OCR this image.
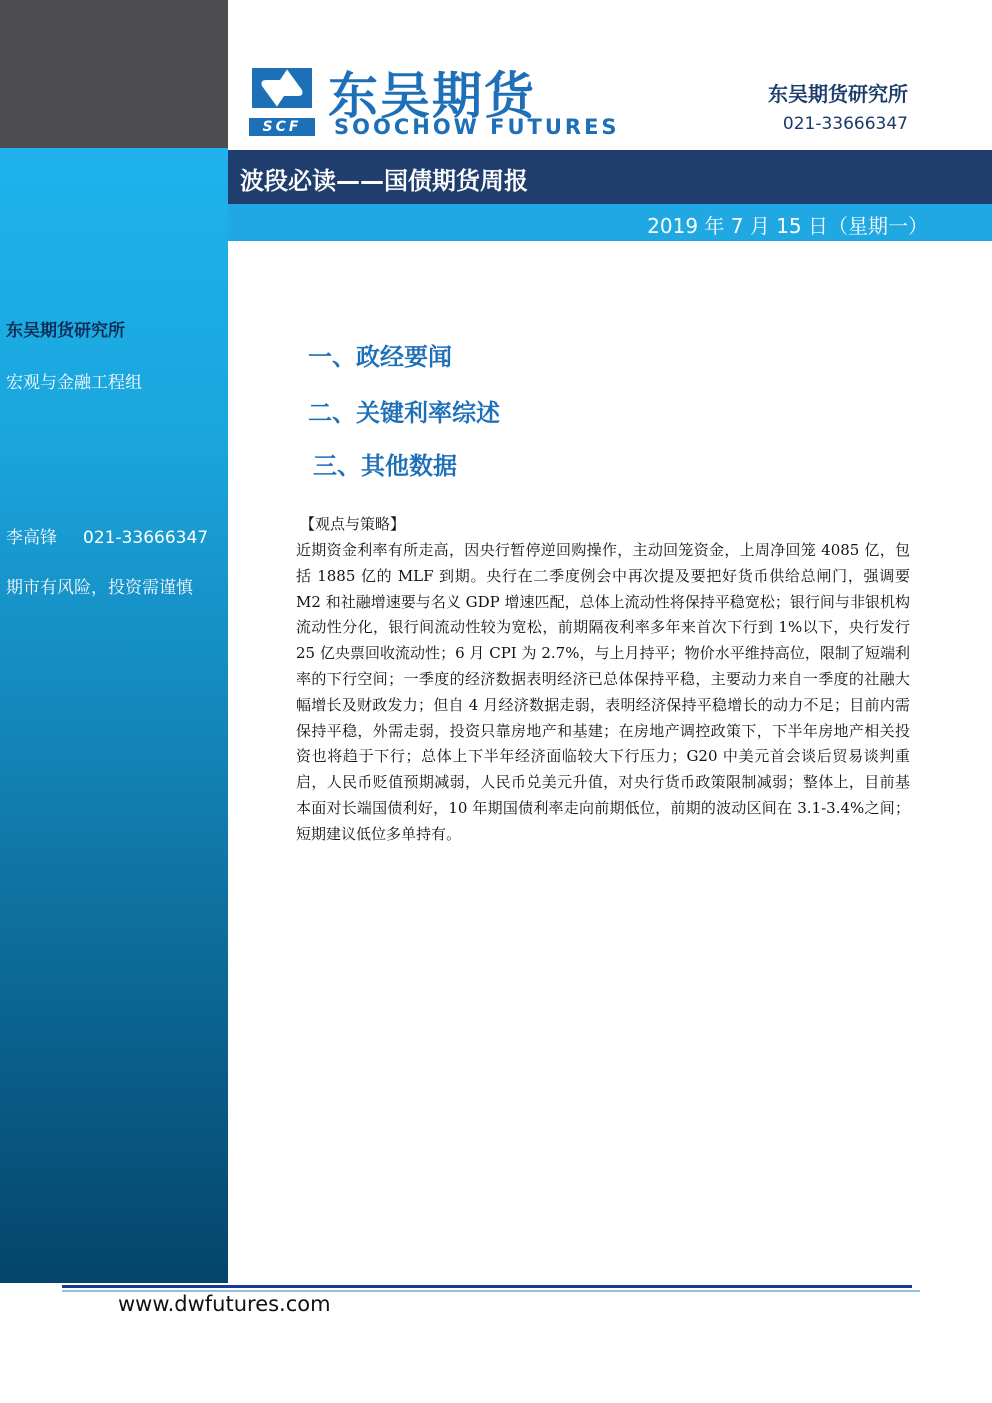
东吴期货研究所
宏观与金融工程组
李高锋 021-33666347
期市有风险，投资需谨慎
SCF
东吴期货
SOOCHOW FUTURES
东吴期货研究所
021-33666347
波段必读——国债期货周报
2019 年 7 月 15 日（星期一）
一、政经要闻
二、关键利率综述
三、其他数据
【观点与策略】
近期资金利率有所走高，因央行暂停逆回购操作，主动回笼资金，上周净回笼 4085 亿，包括 1885 亿的 MLF 到期。央行在二季度例会中再次提及要把好货币供给总闸门，强调要 M2 和社融增速要与名义 GDP 增速匹配，总体上流动性将保持平稳宽松；银行间与非银机构流动性分化，银行间流动性较为宽松，前期隔夜利率多年来首次下行到 1%以下，央行发行 25 亿央票回收流动性；6 月 CPI 为 2.7%，与上月持平；物价水平维持高位，限制了短端利率的下行空间；一季度的经济数据表明经济已总体保持平稳，主要动力来自一季度的社融大幅增长及财政发力；但自 4 月经济数据走弱，表明经济保持平稳增长的动力不足；目前内需保持平稳，外需走弱，投资只靠房地产和基建；在房地产调控政策下，下半年房地产相关投资也将趋于下行；总体上下半年经济面临较大下行压力；G20 中美元首会谈后贸易谈判重启，人民币贬值预期减弱，人民币兑美元升值，对央行货币政策限制减弱；整体上，目前基本面对长端国债利好，10 年期国债利率走向前期低位，前期的波动区间在 3.1-3.4%之间；短期建议低位多单持有。
www.dwfutures.com
